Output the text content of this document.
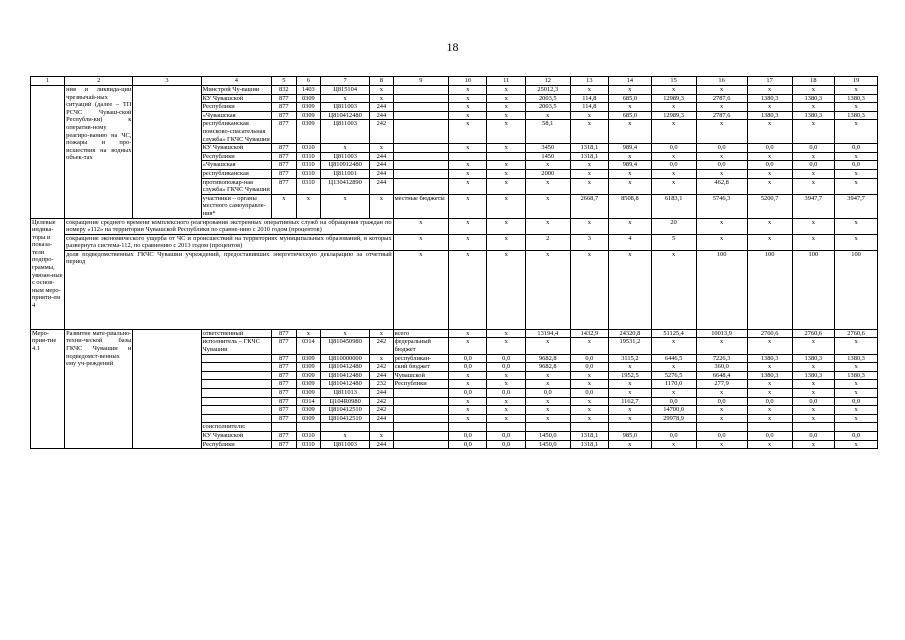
18
1	2	3	4	5	6	7	8	9	10	11	12	13	14	15	16	17	18	19
	ния и ликвида-ции чрезвычай-ных ситуаций (далее – ТП РСЧС Чуваш-ской Республи-ки) к оператив-ному реагиро-ванию на ЧС, пожары и про-исшествия на водных объек-тах		Минстрой Чу-вашии	832	1403	Ц815104	x		x	x	25012,3	x	x	x	x	x	x	x
			КУ Чувашской	877	0309	x	x		x	x	2003,5	114,8	685,0	12989,3	2787,6	1380,3	1380,3	1380,3
			Республики	877	0309	Ц811003	244		x	x	2003,5	114,8	x	x	x	x	x	x
			«Чувашская	877	0309	Ц810412480	244		x	x	x	x	685,0	12989,3	2787,6	1380,3	1380,3	1380,3
			республиканская поисково-спасательная служба» ГКЧС Чувашии	877	0309	Ц811003	242		x	x	58,1	x	x	x	x	x	x	x
			КУ Чувашской	877	0310	x	x		x	x	3450	1318,1	989,4	0,0	0,0	0,0	0,0	0,0
			Республики	877	0310	Ц811003	244				1450	1318,1	x	x	x	x	x	x
			«Чувашская	877	0310	Ц810912480	244		x	x	x	x	989,4	0,0	0,0	0,0	0,0	0,0
			республиканская	877	0310	Ц811001	244		x	x	2000	x	x	x	x	x	x	x
			противопожар-ная служба» ГКЧС Чувашии	877	0310	Ц130412890	244		x	x	x	x	x	x	462,8	x	x	x
			участники – органы местного самоуправле-ния*	x	x	x	x	местные бюджеты	x	x	x	2668,7	8508,8	6183,1	5746,3	5200,7	3947,7	3947,7
Целевые индика-торы и показа-тели подпро-граммы, увязан-ные с основ-ным меро-прияти-ем 4	сокращение среднего времени комплексного реагирования экстренных оперативных служб на обращения граждан по номеру «112» на территории Чувашской Республики по сравне-нию с 2010 годом (процентов)							x	x	x	x	x	x	20	x	x	x	x
	сокращение экономического ущерба от ЧС и происшествий на территориях муниципальных образований, в которых развернута система-112, по сравнению с 2013 годом (процентов)							x	x	x	2	3	4	5	x	x	x	x
	доля подведомственных ГКЧС Чувашии учреждений, предоставивших энергетическую декларацию за отчетный период							x	x	x	x	x	x	x	100	100	100	100
Меро-прия-тие 4.1	Развитие мате-риально-техни-ческой базы ГКЧС Чувашии и подведомст-венных ему уч-реждений		ответственный	877	x	x	x	всего	x	x	13194,4	1432,9	24320,8	51125,4	10013,9	2760,6	2760,6	2760,6
			исполнитель – ГКЧС Чувашии	877	0314	Ц810450980	242	федеральный бюджет	x	x	x	x	19531,2	x	x	x	x	x
				877	0309	Ц810000000	x	республикан-	0,0	0,0	9682,8	0,0	3115,2	6446,5	7226,3	1380,3	1380,3	1380,3
				877	0309	Ц810412480	242	ский бюджет	0,0	0,0	9682,8	0,0	x	x	360,0	x	x	x
				877	0309	Ц810412480	244	Чувашской	x	x	x	x	1952,5	5276,5	6648,4	1380,3	1380,3	1380,3
				877	0309	Ц810412480	232	Республики	x	x	x	x	x	1170,0	277,9	x	x	x
				877	0309	Ц811013	244		0,0	0,0	0,0	0,0	x	x	x	x	x	x
				877	0314	Ц104R0980	242		x	x	x	x	1162,7	0,0	0,0	0,0	0,0	0,0
				877	0309	Ц810412510	242		x	x	x	x	x	14700,0	x	x	x	x
				877	0309	Ц810412510	244		x	x	x	x	x	29978,9	x	x	x	x
			соисполнители:															
			КУ Чувашской	877	0310	x	x		0,0	0,0	1450,0	1318,1	985,0	0,0	0,0	0,0	0,0	0,0
			Республики	877	0310	Ц811003	244		0,0	0,0	1450,0	1318,1	x	x	x	x	x	x
